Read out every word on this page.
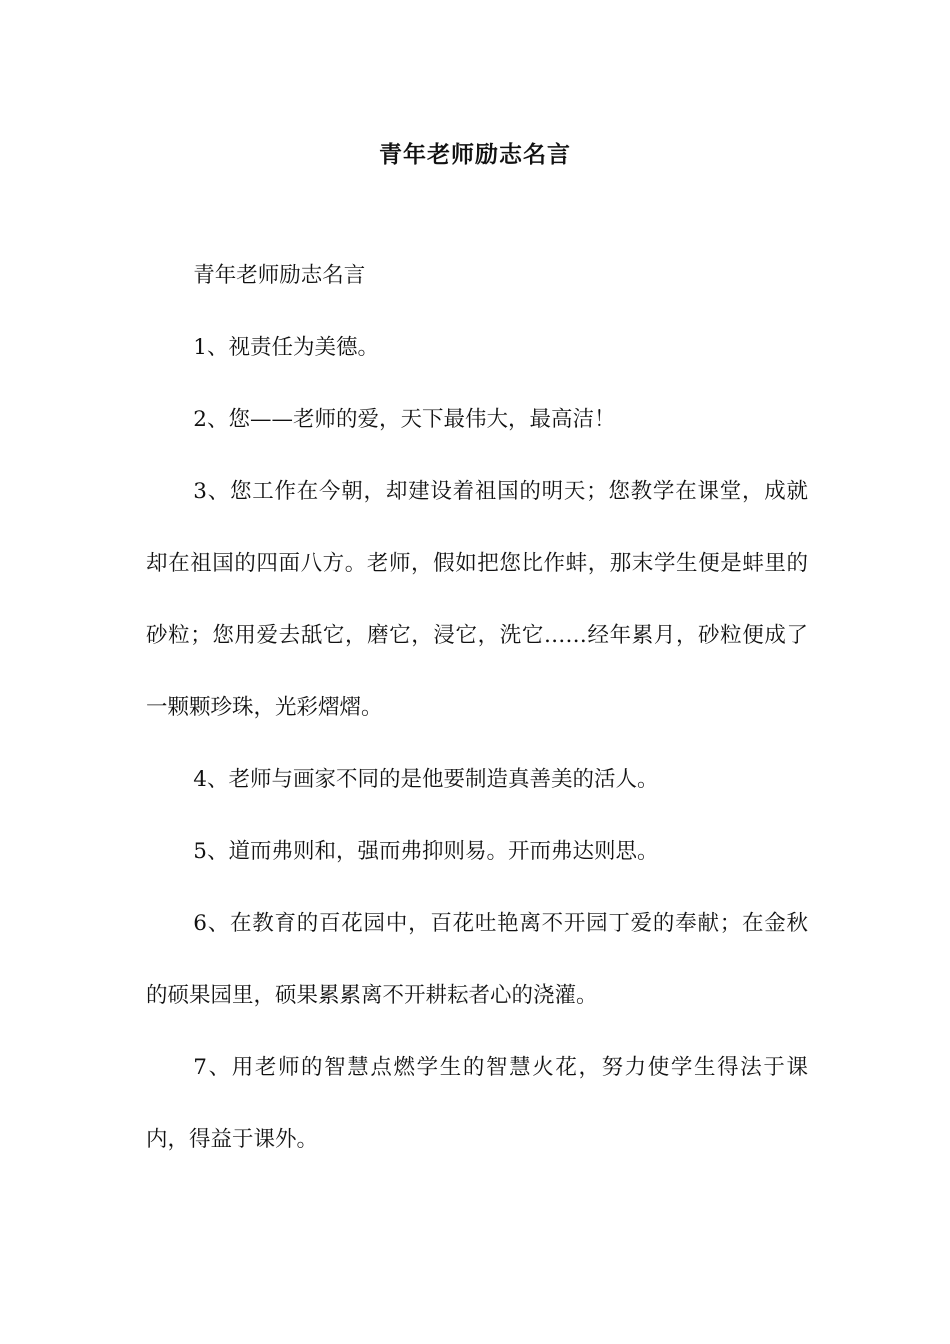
青年老师励志名言

青年老师励志名言

1、视责任为美德。

2、您——老师的爱，天下最伟大，最高洁！

3、您工作在今朝，却建设着祖国的明天；您教学在课堂，成就却在祖国的四面八方。老师，假如把您比作蚌，那末学生便是蚌里的砂粒；您用爱去舐它，磨它，浸它，洗它……经年累月，砂粒便成了一颗颗珍珠，光彩熠熠。

4、老师与画家不同的是他要制造真善美的活人。

5、道而弗则和，强而弗抑则易。开而弗达则思。

6、在教育的百花园中，百花吐艳离不开园丁爱的奉献；在金秋的硕果园里，硕果累累离不开耕耘者心的浇灌。

7、用老师的智慧点燃学生的智慧火花，努力使学生得法于课内，得益于课外。
